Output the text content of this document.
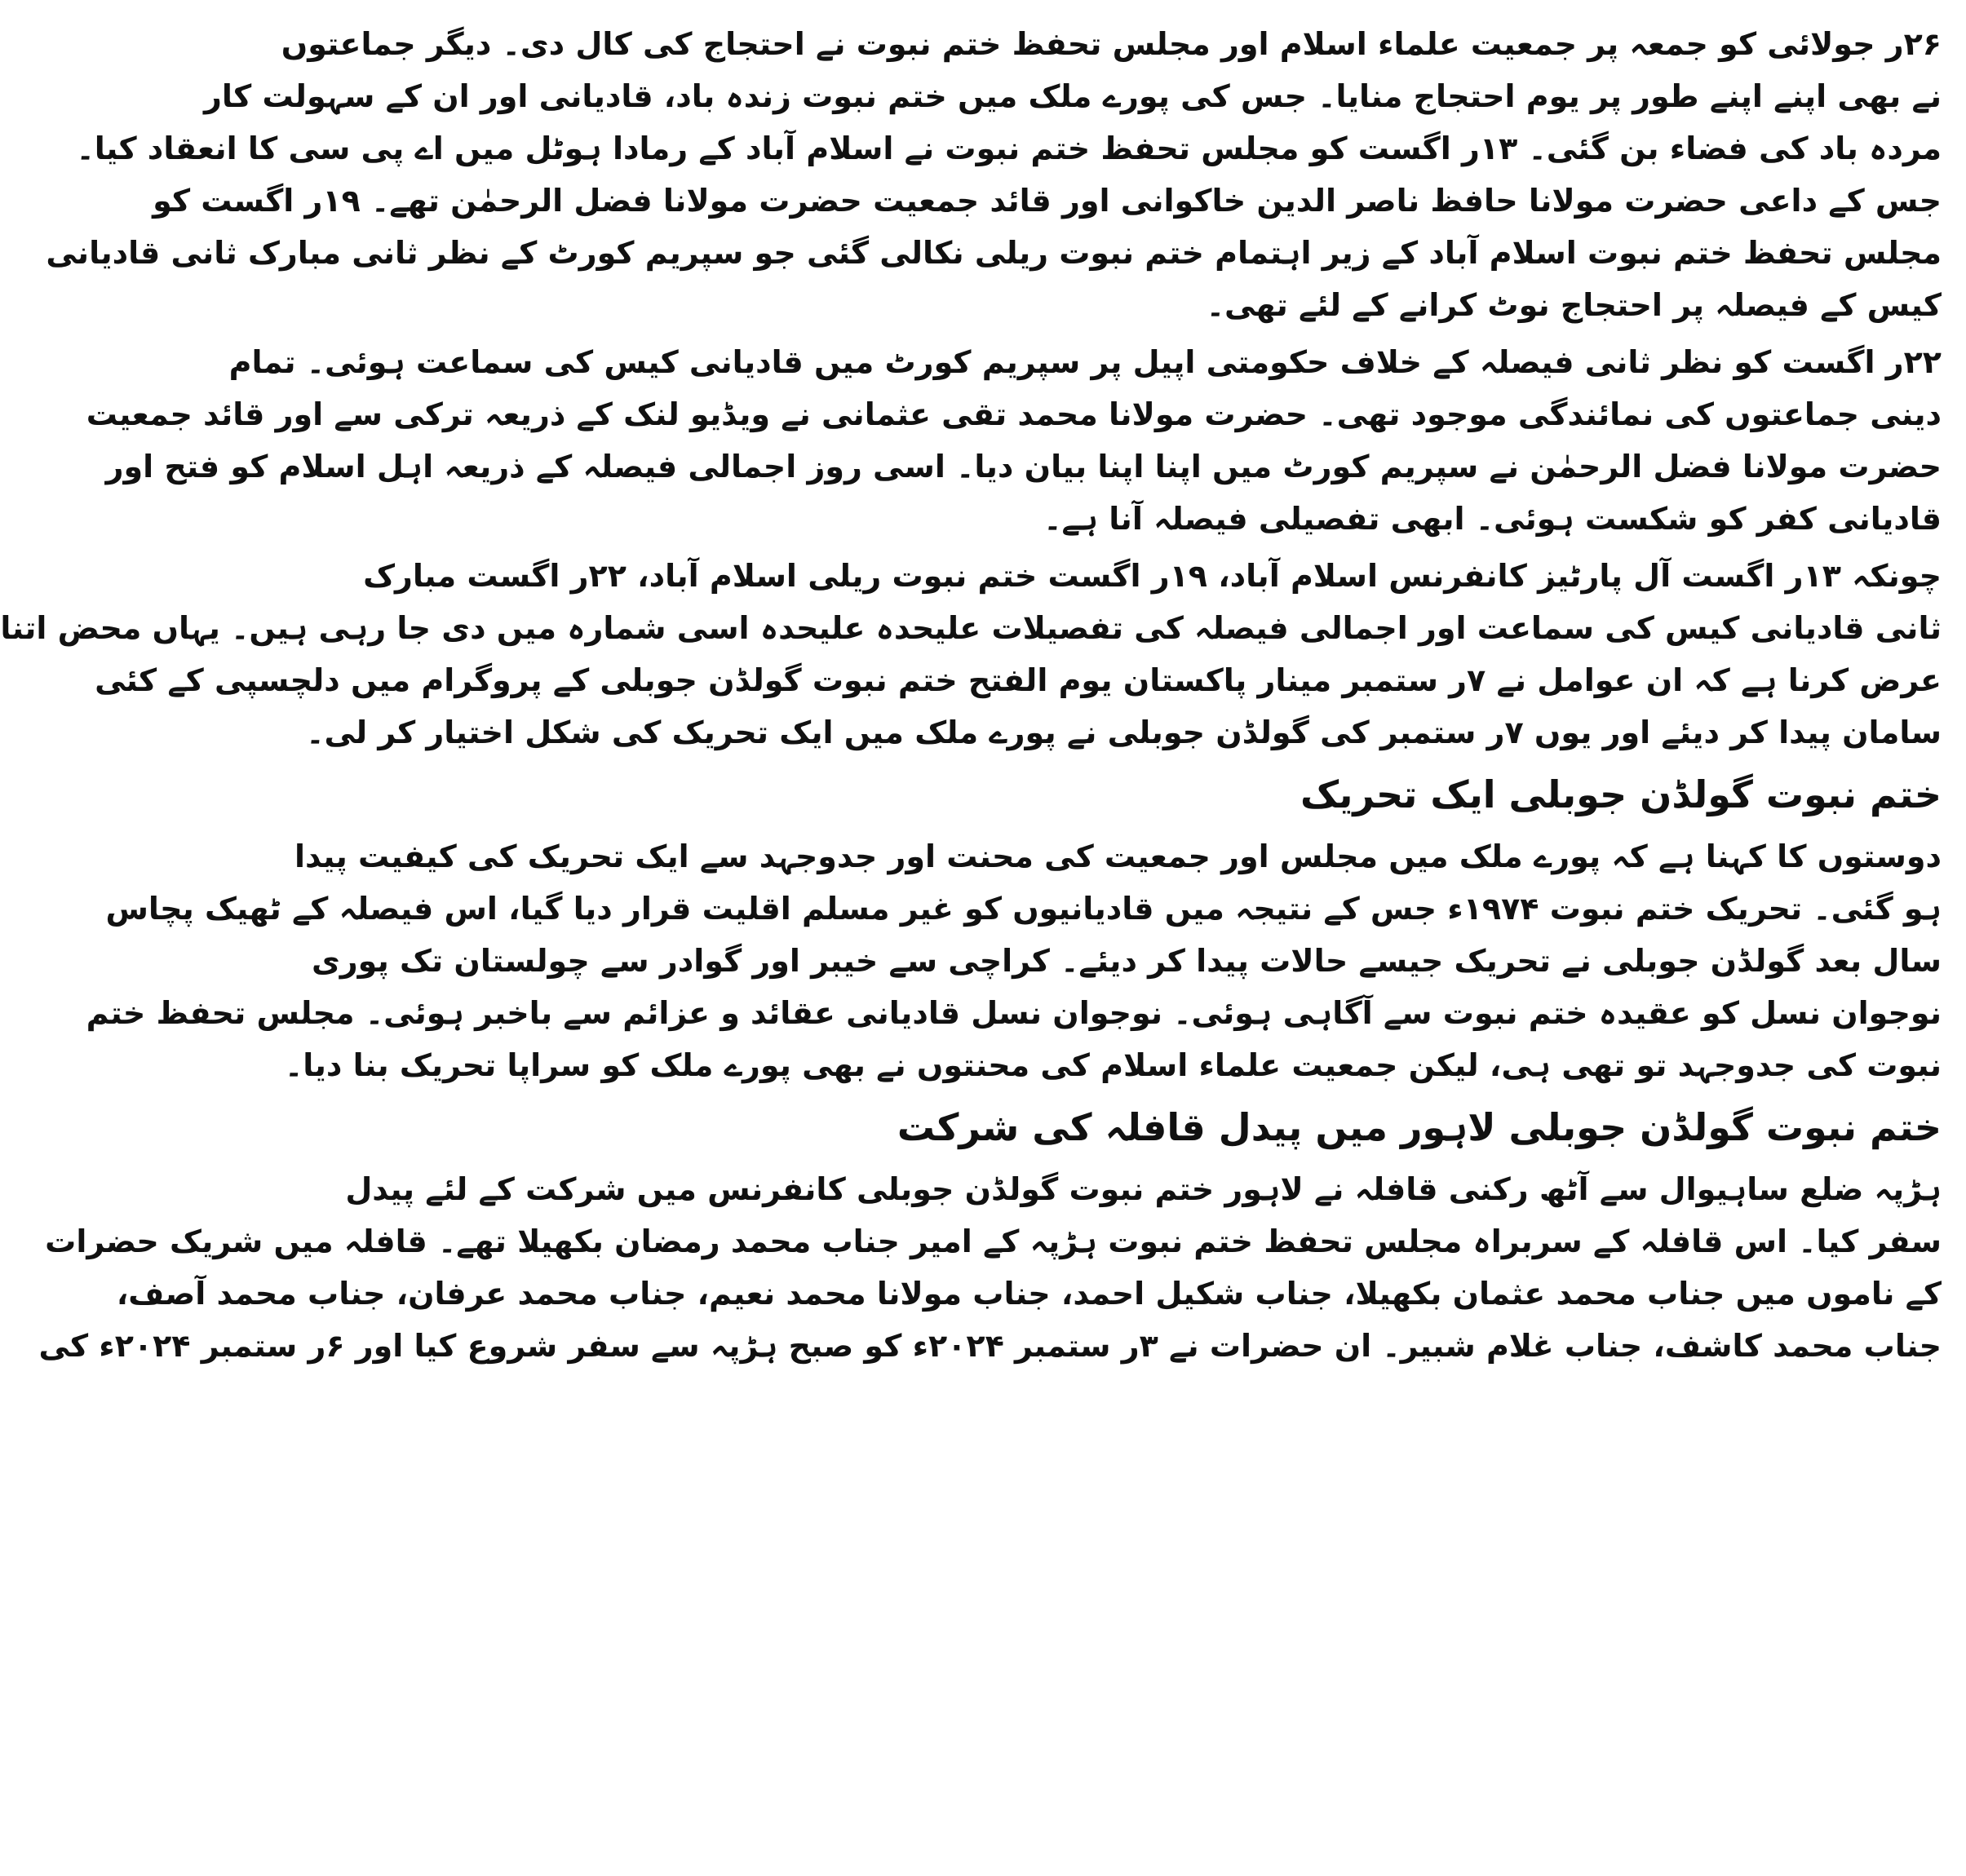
۲۶ر جولائی کو جمعہ پر جمعیت علماء اسلام اور مجلس تحفظ ختم نبوت نے احتجاج کی کال دی۔ دیگر جماعتوں
نے بھی اپنے اپنے طور پر یوم احتجاج منایا۔ جس کی پورے ملک میں ختم نبوت زندہ باد، قادیانی اور ان کے سہولت کار
مردہ باد کی فضاء بن گئی۔ ۱۳ر اگست کو مجلس تحفظ ختم نبوت نے اسلام آباد کے رمادا ہوٹل میں اے پی سی کا انعقاد کیا۔
جس کے داعی حضرت مولانا حافظ ناصر الدین خاکوانی اور قائد جمعیت حضرت مولانا فضل الرحمٰن تھے۔ ۱۹ر اگست کو
مجلس تحفظ ختم نبوت اسلام آباد کے زیر اہتمام ختم نبوت ریلی نکالی گئی جو سپریم کورٹ کے نظر ثانی مبارک ثانی قادیانی
کیس کے فیصلہ پر احتجاج نوٹ کرانے کے لئے تھی۔
۲۲ر اگست کو نظر ثانی فیصلہ کے خلاف حکومتی اپیل پر سپریم کورٹ میں قادیانی کیس کی سماعت ہوئی۔ تمام
دینی جماعتوں کی نمائندگی موجود تھی۔ حضرت مولانا محمد تقی عثمانی نے ویڈیو لنک کے ذریعہ ترکی سے اور قائد جمعیت
حضرت مولانا فضل الرحمٰن نے سپریم کورٹ میں اپنا اپنا بیان دیا۔ اسی روز اجمالی فیصلہ کے ذریعہ اہل اسلام کو فتح اور
قادیانی کفر کو شکست ہوئی۔ ابھی تفصیلی فیصلہ آنا ہے۔
چونکہ ۱۳ر اگست آل پارٹیز کانفرنس اسلام آباد، ۱۹ر اگست ختم نبوت ریلی اسلام آباد، ۲۲ر اگست مبارک
ثانی قادیانی کیس کی سماعت اور اجمالی فیصلہ کی تفصیلات علیحدہ علیحدہ اسی شمارہ میں دی جا رہی ہیں۔ یہاں محض اتنا
عرض کرنا ہے کہ ان عوامل نے ۷ر ستمبر مینار پاکستان یوم الفتح ختم نبوت گولڈن جوبلی کے پروگرام میں دلچسپی کے کئی
سامان پیدا کر دیئے اور یوں ۷ر ستمبر کی گولڈن جوبلی نے پورے ملک میں ایک تحریک کی شکل اختیار کر لی۔
ختم نبوت گولڈن جوبلی ایک تحریک
دوستوں کا کہنا ہے کہ پورے ملک میں مجلس اور جمعیت کی محنت اور جدوجہد سے ایک تحریک کی کیفیت پیدا
ہو گئی۔ تحریک ختم نبوت ۱۹۷۴ء جس کے نتیجہ میں قادیانیوں کو غیر مسلم اقلیت قرار دیا گیا، اس فیصلہ کے ٹھیک پچاس
سال بعد گولڈن جوبلی نے تحریک جیسے حالات پیدا کر دیئے۔ کراچی سے خیبر اور گوادر سے چولستان تک پوری
نوجوان نسل کو عقیدہ ختم نبوت سے آگاہی ہوئی۔ نوجوان نسل قادیانی عقائد و عزائم سے باخبر ہوئی۔ مجلس تحفظ ختم
نبوت کی جدوجہد تو تھی ہی، لیکن جمعیت علماء اسلام کی محنتوں نے بھی پورے ملک کو سراپا تحریک بنا دیا۔
ختم نبوت گولڈن جوبلی لاہور میں پیدل قافلہ کی شرکت
ہڑپہ ضلع ساہیوال سے آٹھ رکنی قافلہ نے لاہور ختم نبوت گولڈن جوبلی کانفرنس میں شرکت کے لئے پیدل
سفر کیا۔ اس قافلہ کے سربراہ مجلس تحفظ ختم نبوت ہڑپہ کے امیر جناب محمد رمضان بکھیلا تھے۔ قافلہ میں شریک حضرات
کے ناموں میں جناب محمد عثمان بکھیلا، جناب شکیل احمد، جناب مولانا محمد نعیم، جناب محمد عرفان، جناب محمد آصف،
جناب محمد کاشف، جناب غلام شبیر۔ ان حضرات نے ۳ر ستمبر ۲۰۲۴ء کو صبح ہڑپہ سے سفر شروع کیا اور ۶ر ستمبر ۲۰۲۴ء کی
